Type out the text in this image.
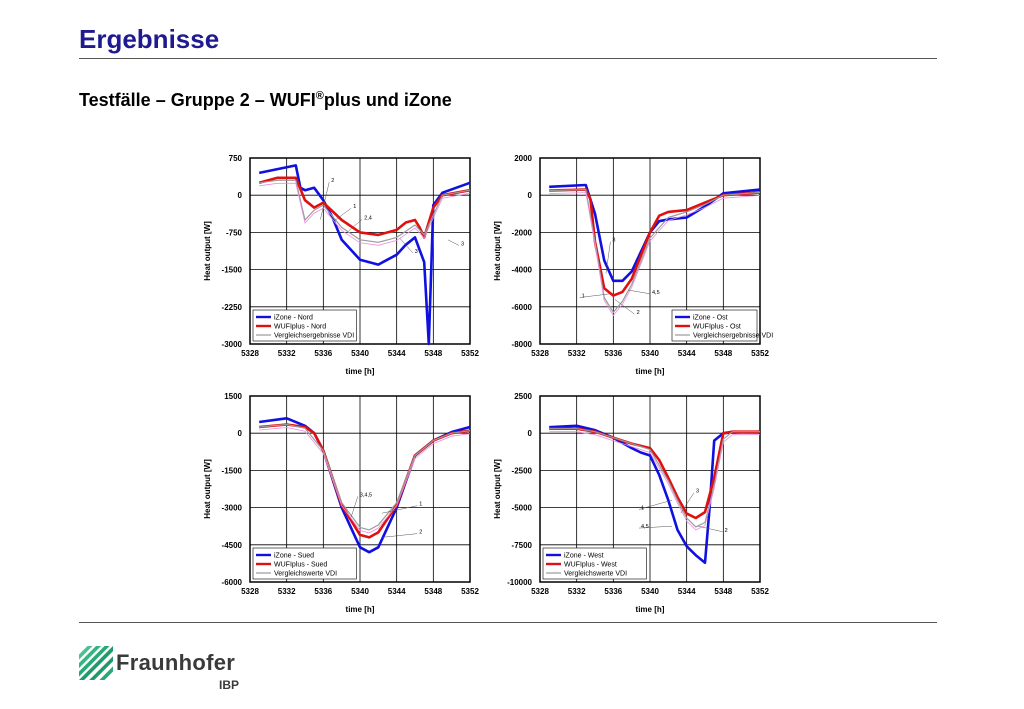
Ergebnisse
Testfälle – Gruppe 2 – WUFI®plus und iZone
5328 5332 5336 5340 5344 5348 5352
750
0
-750
-1500
-2250
-3000
time [h]
Heat output [W]
2
1
2,4
3
3
iZone - Nord
WUFIplus - Nord
Vergleichsergebnisse VDI
5328 5332 5336 5340 5344 5348 5352
2000
0
-2000
-4000
-6000
-8000
time [h]
Heat output [W]	3
1
4,5
2
iZone - Ost
WUFIplus - Ost
Vergleichsergebnisse VDI
5328 5332 5336 5340 5344 5348 5352
1500
0
-1500
-3000
-4500
-6000
time [h]
Heat output [W]	3,4,5
1
2
iZone - Sued
WUFIplus - Sued
Vergleichswerte VDI
5328 5332 5336 5340 5344 5348 5352
2500
0
-2500
-5000
-7500
-10000
time [h]
Heat output [W]	3
1
4,5
2
iZone - West
WUFIplus - West
Vergleichswerte VDI
Fraunhofer
IBP
